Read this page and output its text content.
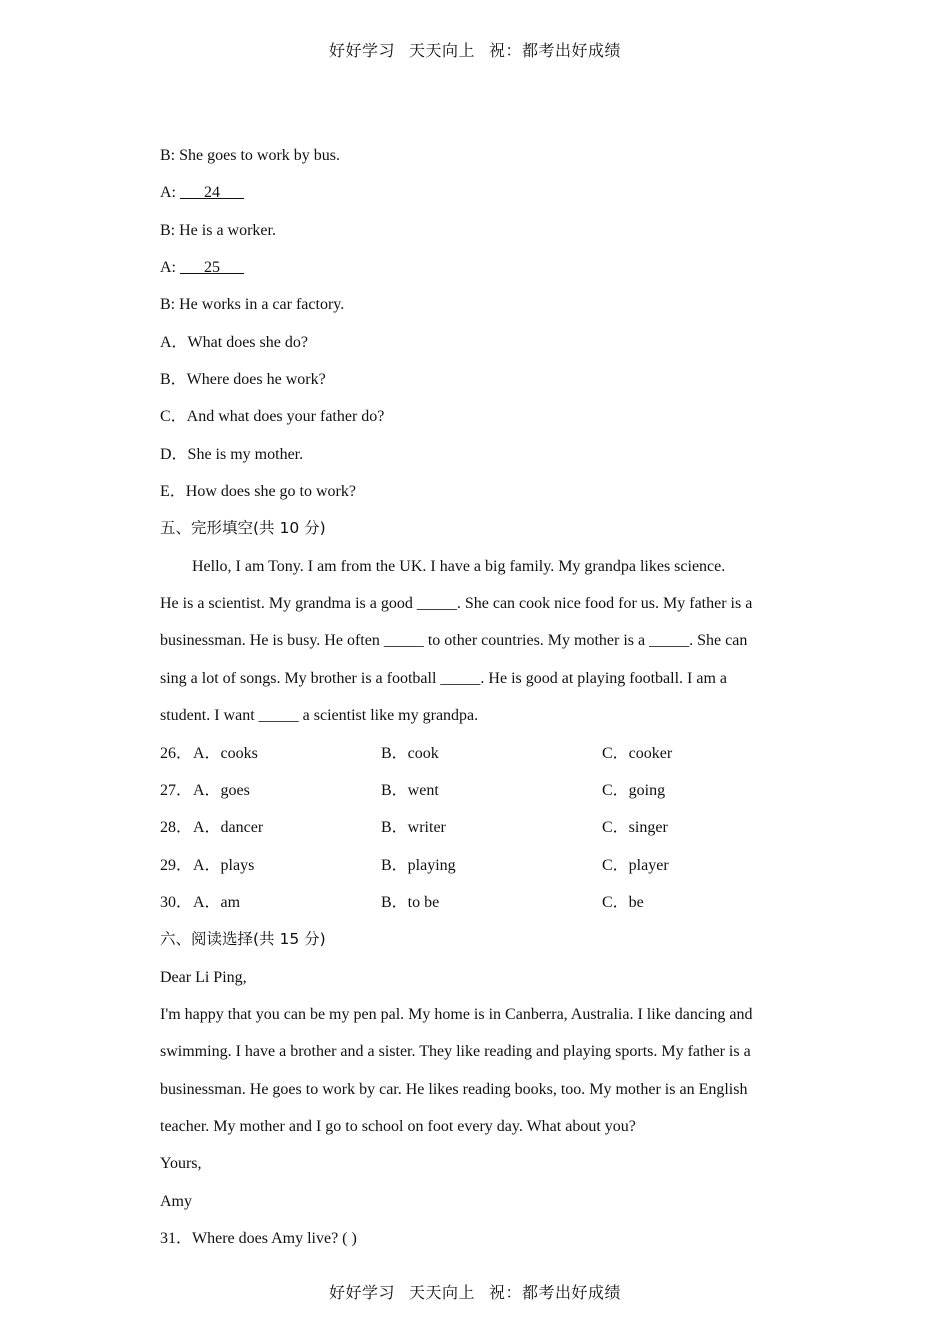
好好学习 天天向上 祝：都考出好成绩
B: She goes to work by bus.
A: ___24___
B: He is a worker.
A: ___25___
B: He works in a car factory.
A．What does she do?
B．Where does he work?
C．And what does your father do?
D．She is my mother.
E．How does she go to work?
五、完形填空(共 10 分)
Hello, I am Tony. I am from the UK. I have a big family. My grandpa likes science.
He is a scientist. My grandma is a good _____. She can cook nice food for us. My father is a
businessman. He is busy. He often _____ to other countries. My mother is a _____. She can
sing a lot of songs. My brother is a football _____. He is good at playing football. I am a
student. I want _____ a scientist like my grandpa.
26． A．cooks	B．cook	C．cooker
27． A．goes	B．went	C．going
28． A．dancer	B．writer	C．singer
29． A．plays	B．playing	C．player
30． A．am	B．to be	C．be
六、阅读选择(共 15 分)
Dear Li Ping,
I'm happy that you can be my pen pal. My home is in Canberra, Australia. I like dancing and
swimming. I have a brother and a sister. They like reading and playing sports. My father is a
businessman. He goes to work by car. He likes reading books, too. My mother is an English
teacher. My mother and I go to school on foot every day. What about you?
Yours,
Amy
31．Where does Amy live? ( )
好好学习 天天向上 祝：都考出好成绩
